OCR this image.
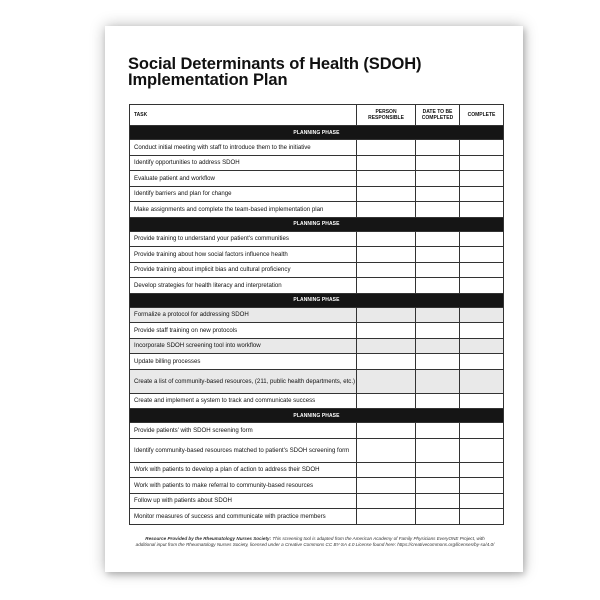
Social Determinants of Health (SDOH)
Implementation Plan
TASK	PERSON RESPONSIBLE	DATE TO BE COMPLETED	COMPLETE
PLANNING PHASE			
Conduct initial meeting with staff to introduce them to the initiative			
Identify opportunities to address SDOH			
Evaluate patient and workflow			
Identify barriers and plan for change			
Make assignments and complete the team-based implementation plan			
PLANNING PHASE			
Provide training to understand your patient's communities			
Provide training about how social factors influence health			
Provide training about implicit bias and cultural proficiency			
Develop strategies for health literacy and interpretation			
PLANNING PHASE			
Formalize a protocol for addressing SDOH			
Provide staff training on new protocols			
Incorporate SDOH screening tool into workflow			
Update billing processes			
Create a list of community-based resources, (211, public health departments, etc.)			
Create and implement a system to track and communicate success			
PLANNING PHASE			
Provide patients' with SDOH screening form			
Identify community-based resources matched to patient's SDOH screening form			
Work with patients to develop a plan of action to address their SDOH			
Work with patients to make referral to community-based resources			
Follow up with patients about SDOH			
Monitor measures of success and communicate with practice members			
Resource Provided by the Rheumatology Nurses Society: This screening tool is adapted from the American Academy of Family Physicians EveryONE Project, with additional input from the Rheumatology Nurses Society, licensed under a Creative Commons CC BY-SA 4.0 License found here: https://creativecommons.org/licenses/by-sa/4.0/
